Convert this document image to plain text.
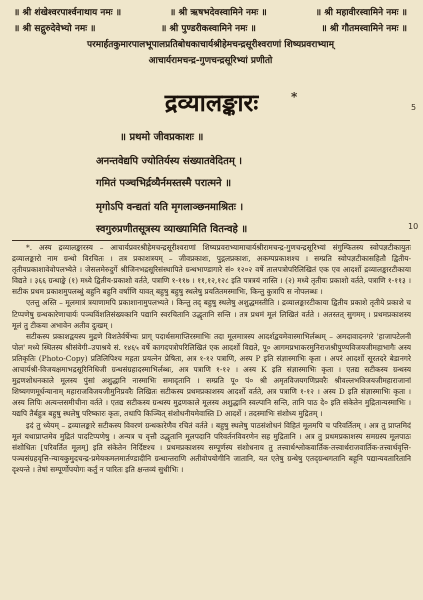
॥ श्री शंखेश्वरपार्श्वनाथाय नमः ॥	॥ श्री ऋषभदेवस्वामिने नमः ॥	॥ श्री महावीरस्वामिने नमः ॥
॥ श्री सद्गुरुदेवेभ्यो नमः ॥	॥ श्री पुण्डरीकस्वामिने नमः ॥	॥ श्री गौतमस्वामिने नमः ॥
परमार्हतकुमारपालभूपालप्रतिबोधकाचार्यश्रीहेमचन्द्रसूरीश्वराणां शिष्यप्रवराभ्याम्
आचार्यरामचन्द्र-गुणचन्द्रसूरिभ्यां प्रणीतो
द्रव्यालङ्कारः	*
5
10
॥ प्रथमो जीवप्रकाशः ॥
अनन्तवेद्यपि ज्योतिर्यस्य संख्यातवेदितम् ।
गमितं पञ्चभिर्द्रव्यैर्नमस्तस्मै परात्मने ॥
मृगोऽपि वन्द्यतां यति मृगलाञ्छनमाश्रितः ।
स्वगुरुप्रणीतसूत्रस्य व्याख्यामिति वितन्वहे ॥

*. अस्य द्रव्यालङ्कारस्य – आचार्यप्रवरश्रीहेमचन्द्रसूरीश्वराणां शिष्यप्रवराभ्यामाचार्यश्रीरामचन्द्र-गुणचन्द्रसूरिभ्यां संगुम्फितस्य स्वोपज्ञटीकायुतः द्रव्यालङ्कारो नाम ग्रन्थो विरचितः । तत्र प्रकाशत्रयम् – जीवप्रकाशः, पुद्गलप्रकाशः, अकम्पप्रकाशश्च । सम्प्रति स्वोपज्ञटीकासहितौ द्वितीय-तृतीयप्रकाशावेवोपलभ्येते । जेसलमेरुदुर्गे श्रीजिनभद्रसूरिसंस्थापिते ग्रन्थभाण्डागारे सं० १२०२ वर्षे तालपत्रोपरिलिखितं एक एव आदर्शो द्रव्यालङ्कारटीकाया विद्यते । ३६६ ग्रन्थाङ्के (१) मध्ये द्वितीय-प्रकाशो वर्तते, पत्राणि १-११७ । ११,१२,१२८ इति पत्रत्रयं नास्ति । (२) मध्ये तृतीयः प्रकाशो वर्तते, पत्राणि १-११३ । सटीक प्रथम प्रकाशमुपलब्धुं बहुनि बहुनि वर्षाणि यावत् बहुषु बहुषु स्थलेषु प्रयतितमस्माभिः, किन्तु कुत्रापि स नोपलब्धः ।

एतत्तु अस्ति – मूलमात्रं त्रयाणामपि प्रकाशानामुपलभ्यते । किन्तु तद् बहुषु स्थलेषु अशुद्धमस्तीति । द्रव्यालङ्कारटीकाया द्वितीय प्रकाशे तृतीये प्रकाशे च टिप्पणेषु ग्रन्थकारेणाचार्यः पञ्चविंशतिसंख्यकानि पद्यानि स्वरचितानि उद्धृतानि सन्ति । तत्र प्रथमं मूलं लिखितं वर्तते । अतस्तत् सुगमम् । प्रथमप्रकाशस्य मूलं तु टीकया अभावेन अतीव दुःखम् ।

सटीकस्य प्रकाशद्वयस्य मुद्रणे विशतेर्वर्षेभ्यः प्राग् पदार्थसमाप्तिरस्माभिः तदा मूलमात्रस्य आदर्शद्वयमेवास्माभिर्लब्धम् – अमदावादनगरे 'हाजापटेलनी पोल' मध्ये स्थितस्य श्रीसंवेगी–उपाश्रये सं. १४६५ वर्षे कागदपत्रोपरिलिखितं एक आदर्शो विद्यते, पू० आगमप्रभाकरमुनिराजश्रीपुण्यविजयजीमहाभागैः अस्य प्रतिकृतिः (Photo-Copy) प्रतिलिपिश्च महता प्रयत्नेन प्रेषिता, अत्र १-१२ पत्राणि, अस्य P इति संज्ञास्माभिः कृता । अपरं आदर्शो सूरतदरे बेडानगरे आचार्यश्री-विजयक्षमाभद्रसूरिनिधिजी ग्रन्थसंग्रहादस्माभिर्लब्धः, अत्र पत्राणि १-१२ । अस्य K इति संज्ञास्माभिः कृता । एतद्य सटीकस्य ग्रन्थस्य मुद्रणशोधनकाले मूलस्य पुंसां अशुद्धानि नास्माभिः समादृतानि । सम्प्रति पू० पं० श्री अमृतविजयगणिप्रवरैः श्रीवल्लभविजयजीमहाराजानां शिष्यगणमूर्धन्यानाम् महाराजविजयजीमुनिप्रवरैः लिखितः सटीकस्य प्रथमप्रकाशस्य आदर्शो वर्तते, अत्र पत्राणि १-१२ । अस्य D इति संज्ञास्माभिः कृता । अस्य लिपिः अत्यन्तसमीचीना वर्तते । एतद्य सटीकस्य ग्रन्थस्य मुद्रणकाले मूलस्य अशुद्धानि स्वल्पानि सन्ति, तानि पाठ दे० इति संकेतेन मुद्रितान्यस्माभिः । यद्यपि तैर्बहुत्र बहुषु स्थलेषु परिष्कारः कृतः, तथापि किञ्चित् संशोधनीयमेवास्ति D आदर्शे । तदस्माभिः संशोध्य मुद्रितम् ।

इदं तु ध्येयम् – द्रव्यालङ्कारे सटीकस्य विवरणं ग्रन्थकारेणैव रचितं वर्तते । बहुषु स्थलेषु पाठसंशोधनं विहितं मूलमपि च परिवर्तितम् । अत्र तु प्राप्तमिदं मूलं यथाप्राप्तमेव मुद्रितं पादटिप्पणेषु । अन्यत्र च वृत्तौ उद्धृतानि मूलपदानि परिवर्तनविवरणेन सह मुद्रितानि । अत्र तु प्रथमप्रकाशस्य समग्रस्य मूलपाठः संशोधितः [परिवर्तित मूलम्] इति संकेतेन निर्दिष्टश्च । प्रथमप्रकाशस्य सम्पूर्णस्य संशोधनाय तु तत्त्वार्थश्लोकवार्तिक-तत्त्वार्थराजवार्तिक-तत्त्वार्थवृत्ति-पञ्चसंग्रहवृत्ति-न्यायकुमुदचन्द्र-प्रमेयकमलमार्तण्डादीनि ग्रन्थान्तराणि अतीवोपयोगीनि जातानि, यत एतेषु ग्रन्थेषु एतद्ग्रन्थगतानि बहूनि पद्यान्यवतारितानि दृश्यन्ते । तेषां सम्पूर्णोपयोगः कर्तुं न पारितः इति क्षन्तव्यं सुधीभिः ।
